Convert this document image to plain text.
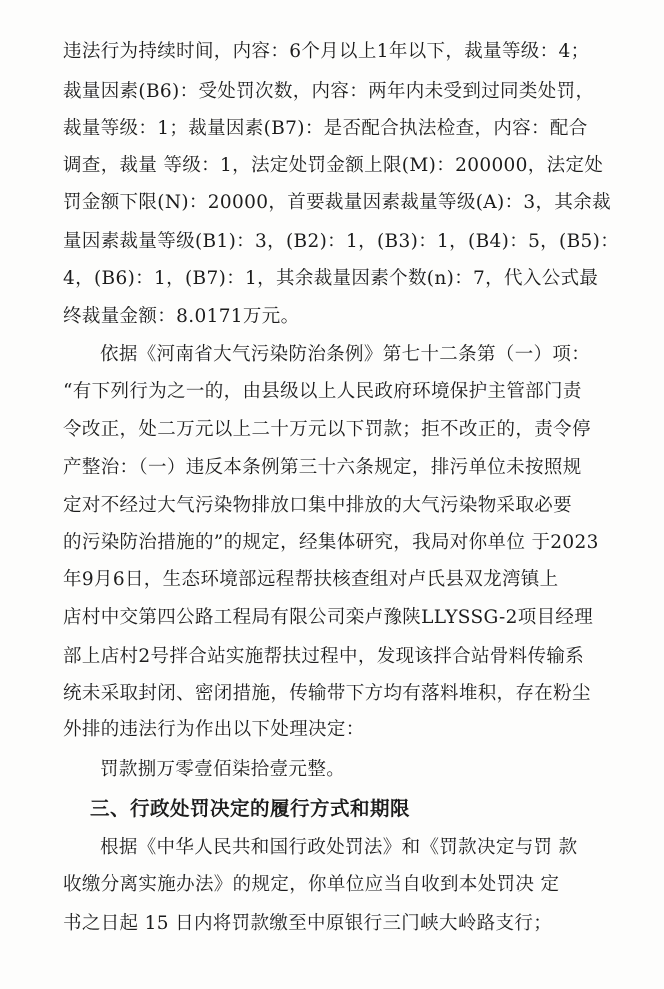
违法行为持续时间，内容：6个月以上1年以下，裁量等级：4；
裁量因素(B6)：受处罚次数，内容：两年内未受到过同类处罚，
裁量等级：1；裁量因素(B7)：是否配合执法检查，内容：配合
调查，裁量 等级：1，法定处罚金额上限(M)：200000，法定处
罚金额下限(N)：20000，首要裁量因素裁量等级(A)：3，其余裁
量因素裁量等级(B1)：3，(B2)：1，(B3)：1，(B4)：5，(B5)：
4，(B6)：1，(B7)：1，其余裁量因素个数(n)：7，代入公式最
终裁量金额：8.0171万元。
依据《河南省大气污染防治条例》第七十二条第（一）项：
“有下列行为之一的，由县级以上人民政府环境保护主管部门责
令改正，处二万元以上二十万元以下罚款；拒不改正的，责令停
产整治：（一）违反本条例第三十六条规定，排污单位未按照规
定对不经过大气污染物排放口集中排放的大气污染物采取必要
的污染防治措施的”的规定，经集体研究，我局对你单位 于2023
年9月6日，生态环境部远程帮扶核查组对卢氏县双龙湾镇上
店村中交第四公路工程局有限公司栾卢豫陕LLYSSG-2项目经理
部上店村2号拌合站实施帮扶过程中，发现该拌合站骨料传输系
统未采取封闭、密闭措施，传输带下方均有落料堆积，存在粉尘
外排的违法行为作出以下处理决定：
罚款捌万零壹佰柒拾壹元整。
三、行政处罚决定的履行方式和期限
根据《中华人民共和国行政处罚法》和《罚款决定与罚 款
收缴分离实施办法》的规定，你单位应当自收到本处罚决 定
书之日起 15 日内将罚款缴至中原银行三门峡大岭路支行；
